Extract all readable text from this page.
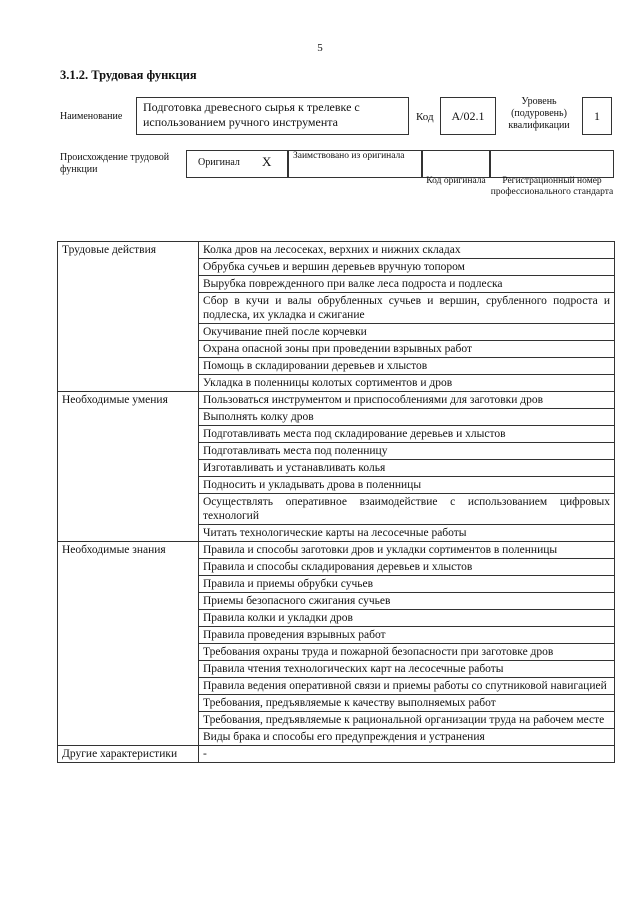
5
3.1.2. Трудовая функция
Наименование
Подготовка древесного сырья к трелевке с использованием ручного инструмента	Код	A/02.1
Уровень (подуровень) квалификации
1
Происхождение трудовой функции
Оригинал X Заимствовано из оригинала
Код оригинала	Регистрационный номер профессионального стандарта
Трудовые действия	Колка дров на лесосеках, верхних и нижних складах
	Обрубка сучьев и вершин деревьев вручную топором
	Вырубка поврежденного при валке леса подроста и подлеска
	Сбор в кучи и валы обрубленных сучьев и вершин, срубленного подроста и подлеска, их укладка и сжигание
	Окучивание пней после корчевки
	Охрана опасной зоны при проведении взрывных работ
	Помощь в складировании деревьев и хлыстов
	Укладка в поленницы колотых сортиментов и дров
Необходимые умения	Пользоваться инструментом и приспособлениями для заготовки дров
	Выполнять колку дров
	Подготавливать места под складирование деревьев и хлыстов
	Подготавливать места под поленницу
	Изготавливать и устанавливать колья
	Подносить и укладывать дрова в поленницы
	Осуществлять оперативное взаимодействие с использованием цифровых технологий
	Читать технологические карты на лесосечные работы
Необходимые знания	Правила и способы заготовки дров и укладки сортиментов в поленницы
	Правила и способы складирования деревьев и хлыстов
	Правила и приемы обрубки сучьев
	Приемы безопасного сжигания сучьев
	Правила колки и укладки дров
	Правила проведения взрывных работ
	Требования охраны труда и пожарной безопасности при заготовке дров
	Правила чтения технологических карт на лесосечные работы
	Правила ведения оперативной связи и приемы работы со спутниковой навигацией
	Требования, предъявляемые к качеству выполняемых работ
	Требования, предъявляемые к рациональной организации труда на рабочем месте
	Виды брака и способы его предупреждения и устранения
Другие характеристики	-
